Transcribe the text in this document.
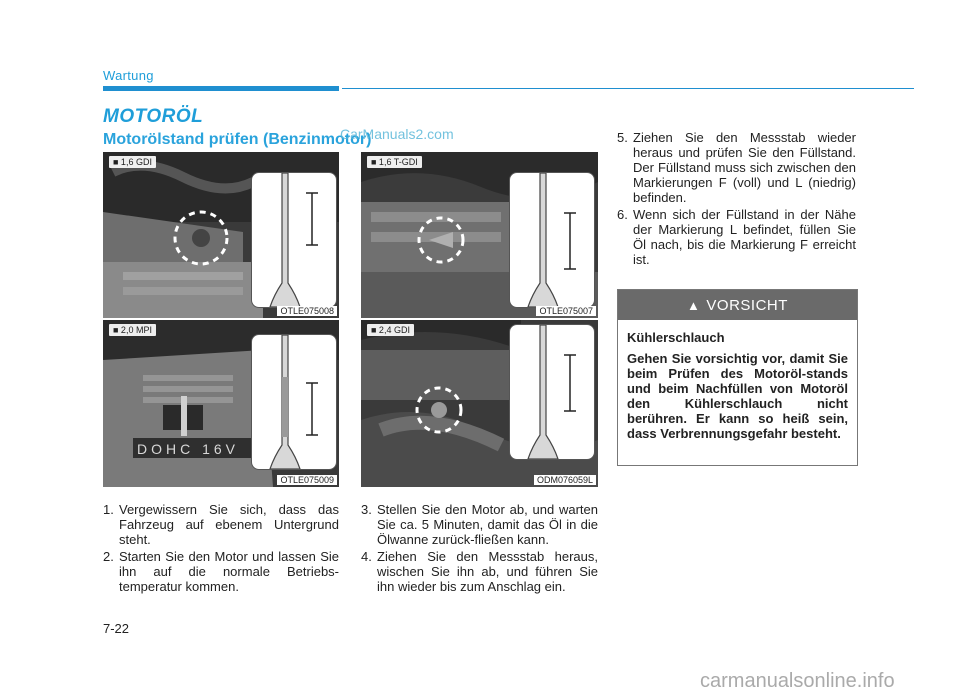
Wartung
MOTORÖL
Motorölstand prüfen (Benzinmotor)
CarManuals2.com
■ 1,6 GDI
OTLE075008
■ 1,6 T-GDI
OTLE075007
DOHC 16V
■ 2,0 MPI
OTLE075009
■ 2,4 GDI
ODM076059L
1. Vergewissern Sie sich, dass das Fahrzeug auf ebenem Untergrund steht.
2. Starten Sie den Motor und lassen Sie ihn auf die normale Betriebs-temperatur kommen.
3. Stellen Sie den Motor ab, und warten Sie ca. 5 Minuten, damit das Öl in die Ölwanne zurück-fließen kann.
4. Ziehen Sie den Messstab heraus, wischen Sie ihn ab, und führen Sie ihn wieder bis zum Anschlag ein.
5. Ziehen Sie den Messstab wieder heraus und prüfen Sie den Füllstand. Der Füllstand muss sich zwischen den Markierungen F (voll) und L (niedrig) befinden.
6. Wenn sich der Füllstand in der Nähe der Markierung L befindet, füllen Sie Öl nach, bis die Markierung F erreicht ist.
▲ VORSICHT

Kühlerschlauch

Gehen Sie vorsichtig vor, damit Sie beim Prüfen des Motoröl-stands und beim Nachfüllen von Motoröl den Kühlerschlauch nicht berühren. Er kann so heiß sein, dass Verbrennungsgefahr besteht.

7-22
carmanualsonline.info
